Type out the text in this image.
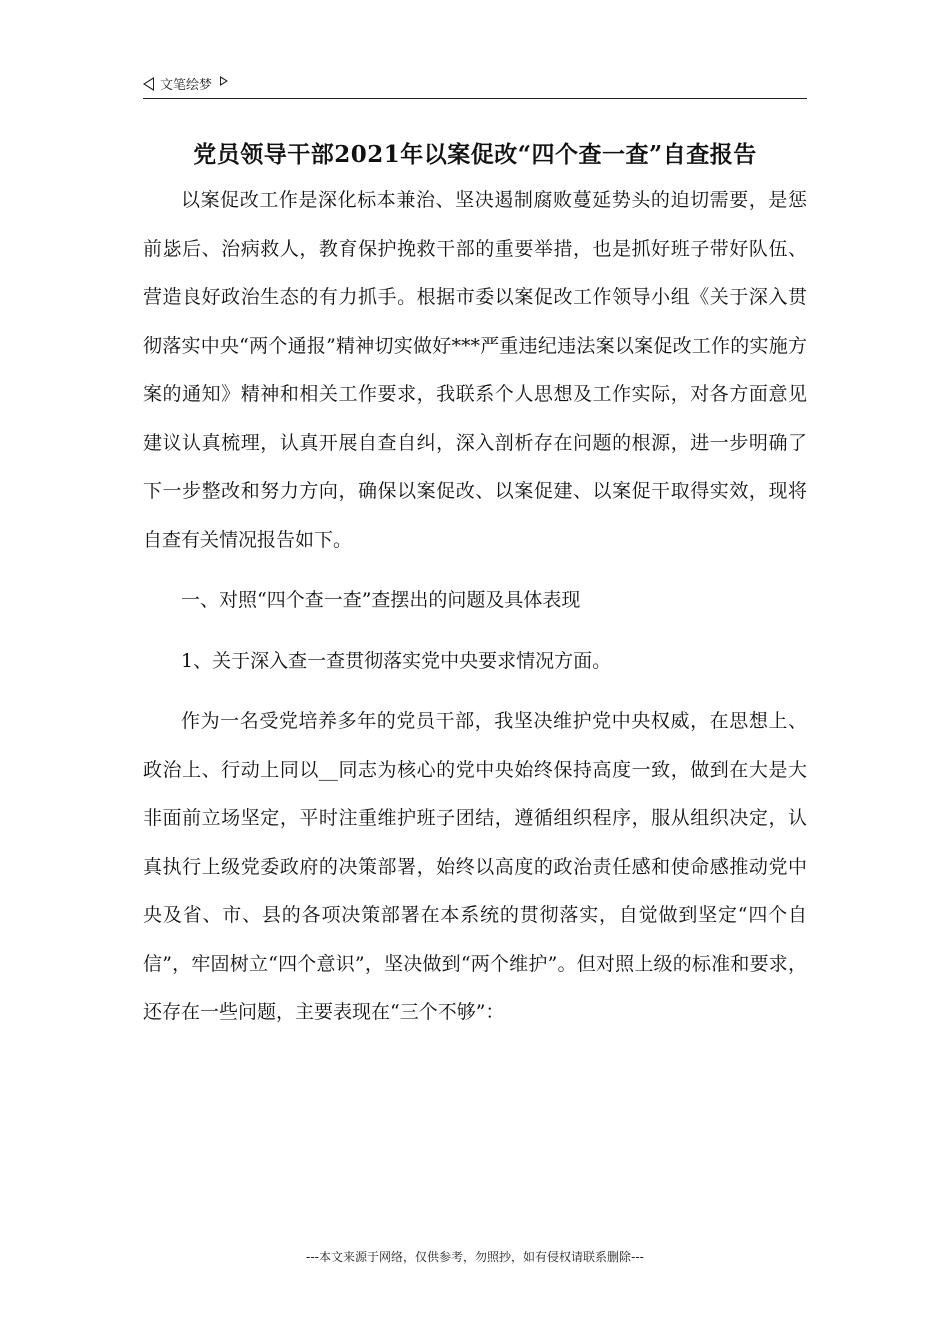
文笔绘梦
党员领导干部2021年以案促改“四个查一查”自查报告

以案促改工作是深化标本兼治、坚决遏制腐败蔓延势头的迫切需要，是惩前毖后、治病救人，教育保护挽救干部的重要举措，也是抓好班子带好队伍、营造良好政治生态的有力抓手。根据市委以案促改工作领导小组《关于深入贯彻落实中央“两个通报”精神切实做好***严重违纪违法案以案促改工作的实施方案的通知》精神和相关工作要求，我联系个人思想及工作实际，对各方面意见建议认真梳理，认真开展自查自纠，深入剖析存在问题的根源，进一步明确了下一步整改和努力方向，确保以案促改、以案促建、以案促干取得实效，现将自查有关情况报告如下。

一、对照“四个查一查”查摆出的问题及具体表现

1、关于深入查一查贯彻落实党中央要求情况方面。

作为一名受党培养多年的党员干部，我坚决维护党中央权威，在思想上、政治上、行动上同以__同志为核心的党中央始终保持高度一致，做到在大是大非面前立场坚定，平时注重维护班子团结，遵循组织程序，服从组织决定，认真执行上级党委政府的决策部署，始终以高度的政治责任感和使命感推动党中央及省、市、县的各项决策部署在本系统的贯彻落实，自觉做到坚定“四个自信”，牢固树立“四个意识”，坚决做到“两个维护”。但对照上级的标准和要求，还存在一些问题，主要表现在“三个不够”：

---本文来源于网络，仅供参考，勿照抄，如有侵权请联系删除---
